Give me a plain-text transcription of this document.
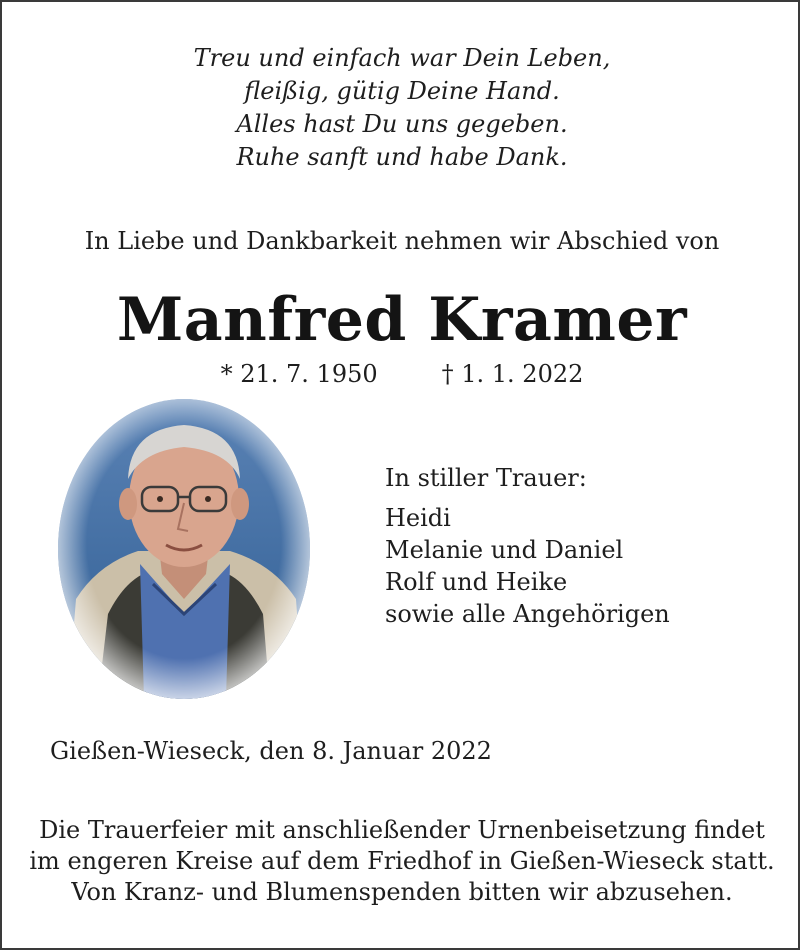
Treu und einfach war Dein Leben,
fleißig, gütig Deine Hand.
Alles hast Du uns gegeben.
Ruhe sanft und habe Dank.
In Liebe und Dankbarkeit nehmen wir Abschied von
Manfred Kramer
* 21. 7. 1950	† 1. 1. 2022
In stiller Trauer:
Heidi
Melanie und Daniel
Rolf und Heike
sowie alle Angehörigen
Gießen-Wieseck, den 8. Januar 2022
Die Trauerfeier mit anschließender Urnenbeisetzung findet
im engeren Kreise auf dem Friedhof in Gießen-Wieseck statt.
Von Kranz- und Blumenspenden bitten wir abzusehen.
